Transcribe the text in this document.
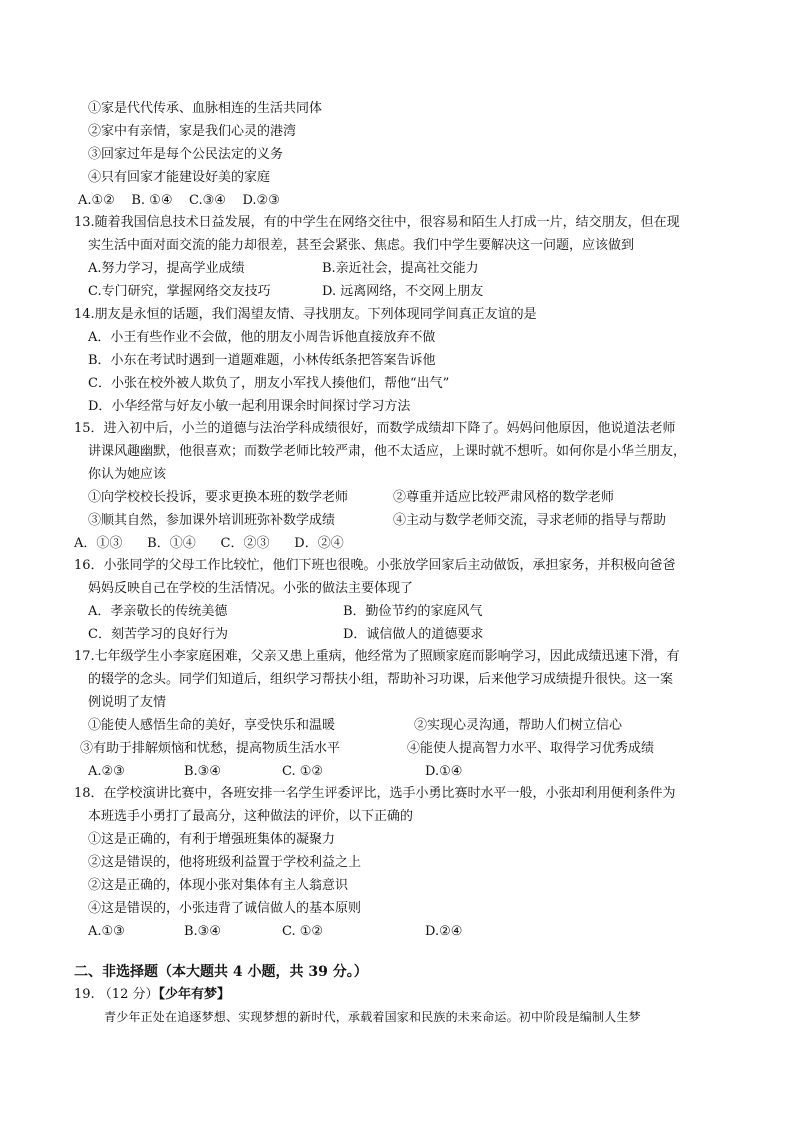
①家是代代传承、血脉相连的生活共同体
②家中有亲情，家是我们心灵的港湾
③回家过年是每个公民法定的义务
④只有回家才能建设好美的家庭
A.①②    B. ①④    C.③④    D.②③
13.随着我国信息技术日益发展，有的中学生在网络交往中，很容易和陌生人打成一片，结交朋友，但在现
实生活中面对面交流的能力却很差，甚至会紧张、焦虑。我们中学生要解决这一问题，应该做到
A.努力学习，提高学业成绩	B.亲近社会，提高社交能力
C.专门研究，掌握网络交友技巧	D. 远离网络，不交网上朋友
14.朋友是永恒的话题，我们渴望友情、寻找朋友。下列体现同学间真正友谊的是
A．小王有些作业不会做，他的朋友小周告诉他直接放弃不做
B．小东在考试时遇到一道题难题，小林传纸条把答案告诉他
C．小张在校外被人欺负了，朋友小军找人揍他们，帮他“出气”
D．小华经常与好友小敏一起利用课余时间探讨学习方法
15．进入初中后，小兰的道德与法治学科成绩很好，而数学成绩却下降了。妈妈问他原因，他说道法老师
讲课风趣幽默，他很喜欢；而数学老师比较严肃，他不太适应，上课时就不想听。如何你是小华兰朋友，
你认为她应该
①向学校校长投诉，要求更换本班的数学老师	②尊重并适应比较严肃风格的数学老师
③顺其自然，参加课外培训班弥补数学成绩	④主动与数学老师交流，寻求老师的指导与帮助
A．①③      B．①④      C．②③      D．②④
16．小张同学的父母工作比较忙，他们下班也很晚。小张放学回家后主动做饭，承担家务，并积极向爸爸
妈妈反映自己在学校的生活情况。小张的做法主要体现了
A．孝亲敬长的传统美德	B．勤俭节约的家庭风气
C．刻苦学习的良好行为	D．诚信做人的道德要求
17.七年级学生小李家庭困难，父亲又患上重病，他经常为了照顾家庭而影响学习，因此成绩迅速下滑，有
的辍学的念头。同学们知道后，组织学习帮扶小组，帮助补习功课，后来他学习成绩提升很快。这一案
例说明了友情
①能使人感悟生命的美好，享受快乐和温暖	②实现心灵沟通，帮助人们树立信心
③有助于排解烦恼和忧愁，提高物质生活水平	④能使人提高智力水平、取得学习优秀成绩
A.②③	B.③④	C. ①②	D.①④
18．在学校演讲比赛中，各班安排一名学生评委评比，选手小勇比赛时水平一般，小张却利用便利条件为
本班选手小勇打了最高分，这种做法的评价，以下正确的
①这是正确的，有利于增强班集体的凝聚力
②这是错误的，他将班级利益置于学校利益之上
②这是正确的，体现小张对集体有主人翁意识
④这是错误的，小张违背了诚信做人的基本原则
A.①③	B.③④	C. ①②	D.②④
二、非选择题（本大题共 4 小题，共 39 分。）
19. （12 分）【少年有梦】
青少年正处在追逐梦想、实现梦想的新时代，承载着国家和民族的未来命运。初中阶段是编制人生梦
